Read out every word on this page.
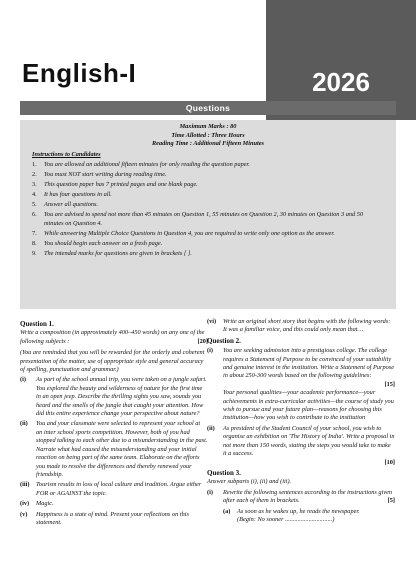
English-I	2026
Questions
Maximum Marks : 80
Time Allotted : Three Hours
Reading Time : Additional Fifteen Minutes
Instructions to Candidates
1.	You are allowed an additional fifteen minutes for only reading the question paper.
2.	You must NOT start writing during reading time.
3.	This question paper has 7 printed pages and one blank page.
4.	It has four questions in all.
5.	Answer all questions.
6.	You are advised to spend not more than 45 minutes on Question 1, 55 minutes on Question 2, 30 minutes on Question 3 and 50 minutes on Question 4.
7.	While answering Multiple Choice Questions in Question 4, you are required to write only one option as the answer.
8.	You should begin each answer on a fresh page.
9.	The intended marks for questions are given in brackets [ ].
Question 1.
Write a composition (in approximately 400–450 words) on any one of the following subjects :	[20]
(You are reminded that you will be rewarded for the orderly and coherent presentation of the matter, use of appropriate style and general accuracy of spelling, punctuation and grammar.)
(i)	As part of the school annual trip, you were taken on a jungle safari. You explored the beauty and wilderness of nature for the first time in an open jeep. Describe the thrilling sights you saw, sounds you heard and the smells of the jungle that caught your attention. How did this entire experience change your perspective about nature?
(ii)	You and your classmate were selected to represent your school at an inter school sports competition. However, both of you had stopped talking to each other due to a misunderstanding in the past. Narrate what had caused the misunderstanding and your initial reaction on being part of the same team. Elaborate on the efforts you made to resolve the differences and thereby renewed your friendship.
(iii)	Tourism results in loss of local culture and tradition. Argue either FOR or AGAINST the topic.
(iv)	Magic.
(v)	Happiness is a state of mind. Present your reflections on this statement.
(vi)	Write an original short story that begins with the following words:
It was a familiar voice, and this could only mean that…
Question 2.
(i)	You are seeking admission into a prestigious college. The college requires a Statement of Purpose to be convinced of your suitability and genuine interest in the institution. Write a Statement of Purpose in about 250-300 words based on the following guidelines:

[15]

Your personal qualities—your academic performance—your achievements in extra-curricular activities—the course of study you wish to pursue and your future plan—reasons for choosing this institution—how you wish to contribute to the institution
(ii)	As president of the Student Council of your school, you wish to organise an exhibition on 'The History of India'. Write a proposal in not more than 150 words, stating the steps you would take to make it a success.

[10]
Question 3.
Answer subparts (i), (ii) and (iii).
(i)	Rewrite the following sentences according to the instructions given after each of them in brackets.	[5]
(a)	As soon as he wakes up, he reads the newspaper.
(Begin: No sooner ..............................)
